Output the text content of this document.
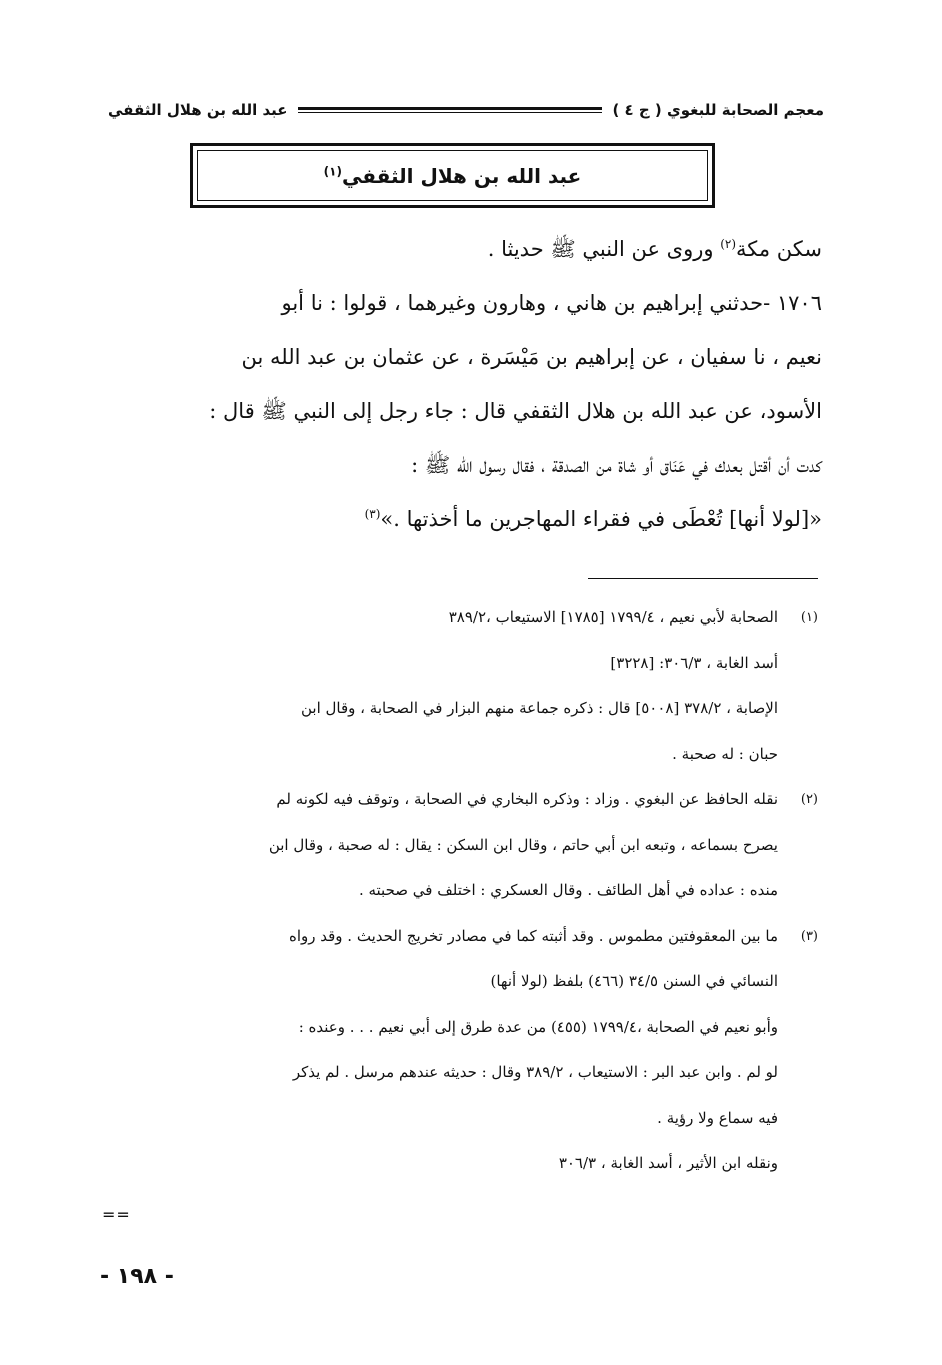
معجم الصحابة للبغوي ( ج ٤ )
عبد الله بن هلال الثقفي
عبد الله بن هلال الثقفي$^{(١)}$

سكن مكة$^{(٢)}$ وروى عن النبي ﷺ حديثا .

١٧٠٦ -حدثني إبراهيم بن هاني ، وهارون وغيرهما ، قولوا : نا أبو

نعيم ، نا سفيان ، عن إبراهيم بن مَيْسَرة ، عن عثمان بن عبد الله بن

الأسود، عن عبد الله بن هلال الثقفي قال : جاء رجل إلى النبي ﷺ قال :

كدت أن أقتل بعدك في عَنَاق أو شاة من الصدقة ، فقال رسول الله ﷺ :

«[لولا أنها] تُعْطَى في فقراء المهاجرين ما أخذتها .»$^{(٣)}$

(١)
الصحابة لأبي نعيم ، ١٧٩٩/٤ [١٧٨٥] الاستيعاب ،٣٨٩/٢
أسد الغابة ، ٣٠٦/٣: [٣٢٢٨]
الإصابة ، ٣٧٨/٢ [٥٠٠٨] قال : ذكره جماعة منهم البزار في الصحابة ، وقال ابن
حبان : له صحبة .
(٢)
نقله الحافظ عن البغوي . وزاد : وذكره البخاري في الصحابة ، وتوقف فيه لكونه لم
يصرح بسماعه ، وتبعه ابن أبي حاتم ، وقال ابن السكن : يقال : له صحبة ، وقال ابن
منده : عداده في أهل الطائف . وقال العسكري : اختلف في صحبته .
(٣)
ما بين المعقوفتين مطموس . وقد أثبته كما في مصادر تخريج الحديث . وقد رواه
النسائي في السنن ٣٤/٥ (٤٦٦) بلفظ (لولا أنها)
وأبو نعيم في الصحابة ،١٧٩٩/٤ (٤٥٥) من عدة طرق إلى أبي نعيم . . . وعنده :
لو لم . وابن عبد البر : الاستيعاب ، ٣٨٩/٢ وقال : حديثه عندهم مرسل . لم يذكر
فيه سماع ولا رؤية .
ونقله ابن الأثير ، أسد الغابة ، ٣٠٦/٣
==
- ١٩٨ -
